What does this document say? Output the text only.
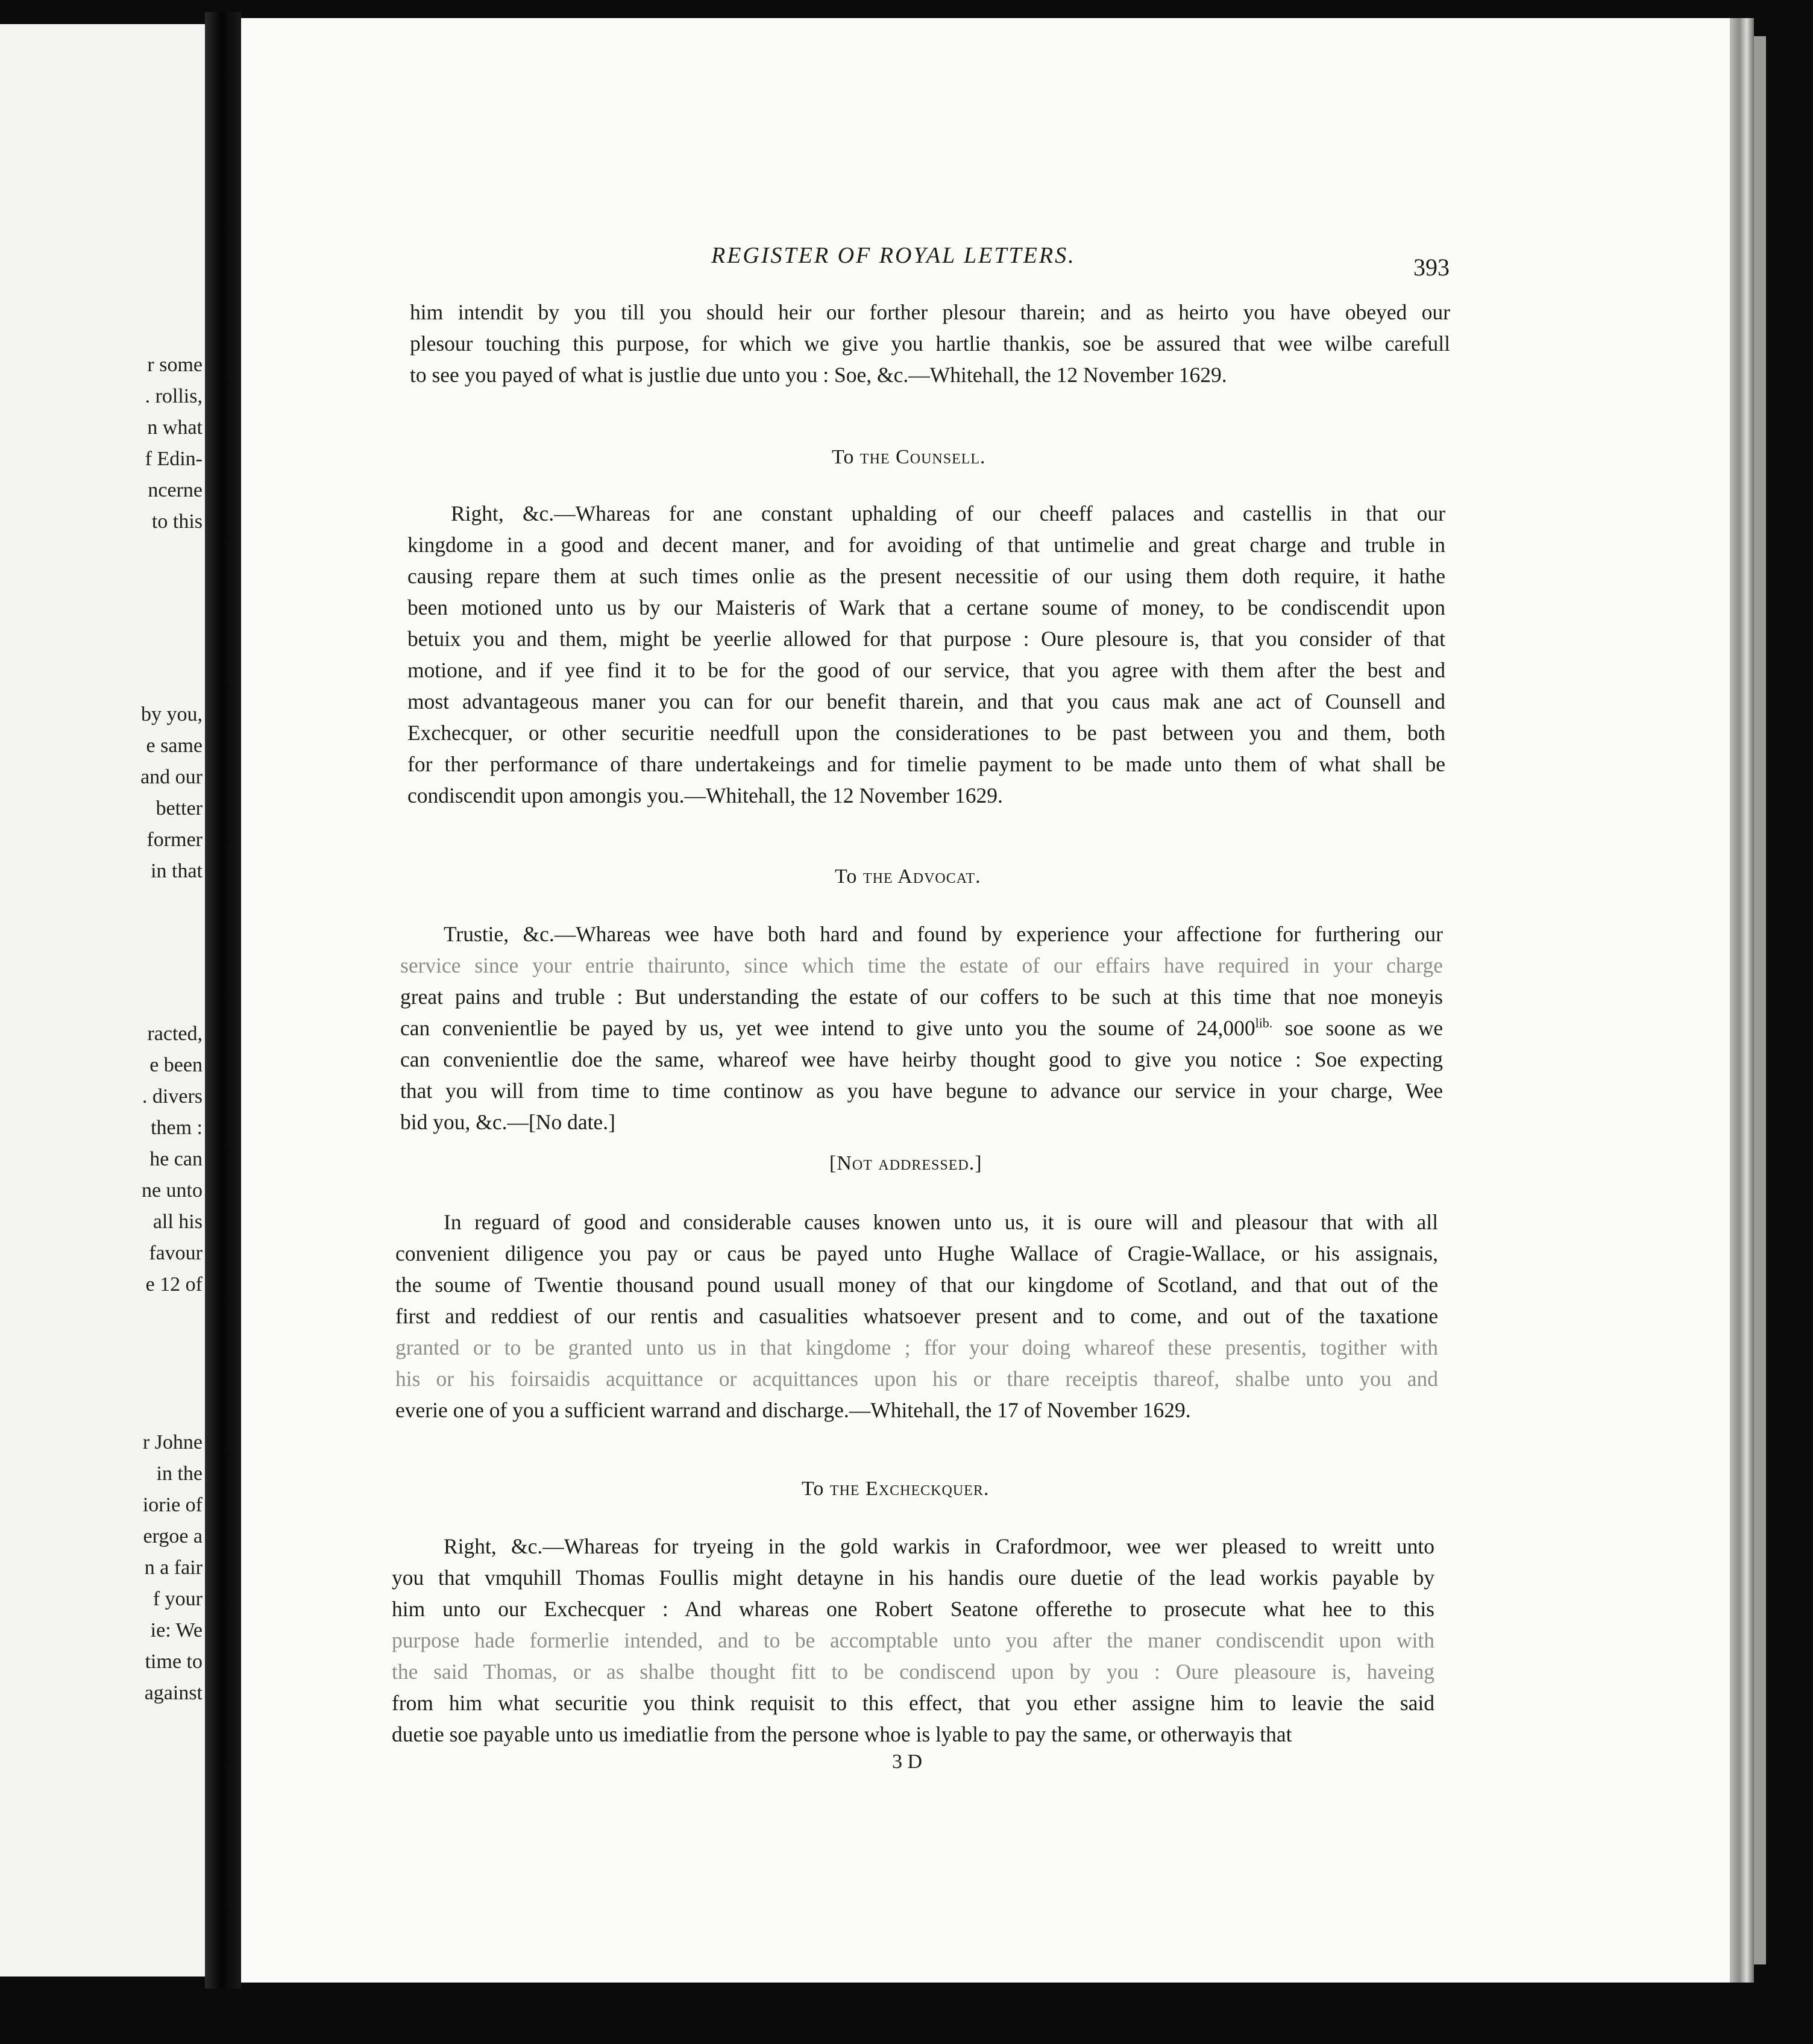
r some
. rollis,
n what
f Edin-
ncerne
to this
by you,
e same
and our
better
former
in that
racted,
e been
. divers
them :
he can
ne unto
all his
favour
e 12 of
r Johne
in the
iorie of
ergoe a
n a fair
f your
ie: We
time to
against
REGISTER OF ROYAL LETTERS.	393
him intendit by you till you should heir our forther plesour tharein; and as heirto you have obeyed our
plesour touching this purpose, for which we give you hartlie thankis, soe be assured that wee wilbe carefull
to see you payed of what is justlie due unto you : Soe, &c.—Whitehall, the 12 November 1629.
To the Counsell.
Right, &c.—Whareas for ane constant uphalding of our cheeff palaces and castellis in that our
kingdome in a good and decent maner, and for avoiding of that untimelie and great charge and truble in
causing repare them at such times onlie as the present necessitie of our using them doth require, it hathe
been motioned unto us by our Maisteris of Wark that a certane soume of money, to be condiscendit upon
betuix you and them, might be yeerlie allowed for that purpose : Oure plesoure is, that you consider of that
motione, and if yee find it to be for the good of our service, that you agree with them after the best and
most advantageous maner you can for our benefit tharein, and that you caus mak ane act of Counsell and
Exchecquer, or other securitie needfull upon the considerationes to be past between you and them, both
for ther performance of thare undertakeings and for timelie payment to be made unto them of what shall be
condiscendit upon amongis you.—Whitehall, the 12 November 1629.
To the Advocat.
Trustie, &c.—Whareas wee have both hard and found by experience your affectione for furthering our
service since your entrie thairunto, since which time the estate of our effairs have required in your charge
great pains and truble : But understanding the estate of our coffers to be such at this time that noe moneyis
can convenientlie be payed by us, yet wee intend to give unto you the soume of $24,000^{lib.}$ soe soone as we
can convenientlie doe the same, whareof wee have heirby thought good to give you notice : Soe expecting
that you will from time to time continow as you have begune to advance our service in your charge, Wee
bid you, &c.—[No date.]
[Not addressed.]
In reguard of good and considerable causes knowen unto us, it is oure will and pleasour that with all
convenient diligence you pay or caus be payed unto Hughe Wallace of Cragie-Wallace, or his assignais,
the soume of Twentie thousand pound usuall money of that our kingdome of Scotland, and that out of the
first and reddiest of our rentis and casualities whatsoever present and to come, and out of the taxatione
granted or to be granted unto us in that kingdome ; ffor your doing whareof these presentis, togither with
his or his foirsaidis acquittance or acquittances upon his or thare receiptis thareof, shalbe unto you and
everie one of you a sufficient warrand and discharge.—Whitehall, the 17 of November 1629.
To the Excheckquer.
Right, &c.—Whareas for tryeing in the gold warkis in Crafordmoor, wee wer pleased to wreitt unto
you that vmquhill Thomas Foullis might detayne in his handis oure duetie of the lead workis payable by
him unto our Exchecquer : And whareas one Robert Seatone offerethe to prosecute what hee to this
purpose hade formerlie intended, and to be accomptable unto you after the maner condiscendit upon with
the said Thomas, or as shalbe thought fitt to be condiscend upon by you : Oure pleasoure is, haveing
from him what securitie you think requisit to this effect, that you ether assigne him to leavie the said
duetie soe payable unto us imediatlie from the persone whoe is lyable to pay the same, or otherwayis that
3 D
